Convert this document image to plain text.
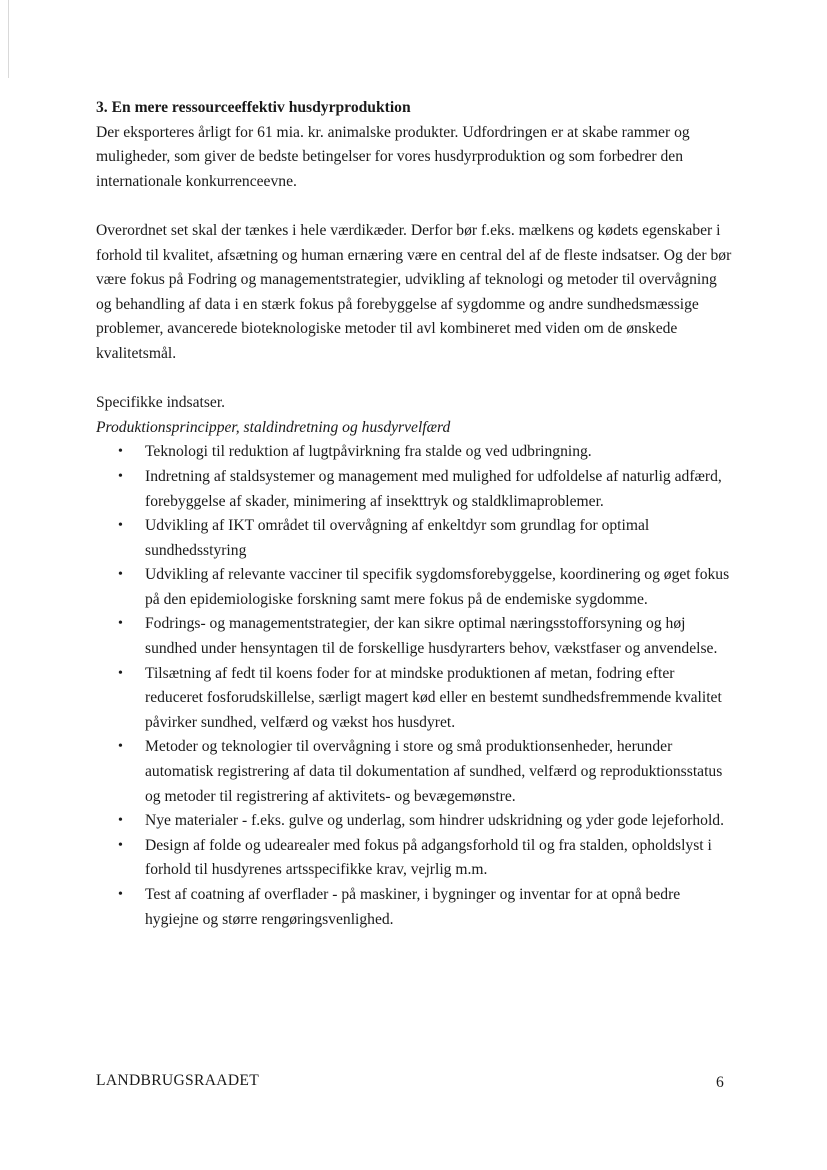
3. En mere ressourceeffektiv husdyrproduktion

Der eksporteres årligt for 61 mia. kr. animalske produkter. Udfordringen er at skabe rammer og muligheder, som giver de bedste betingelser for vores husdyrproduktion og som forbedrer den internationale konkurrenceevne.

Overordnet set skal der tænkes i hele værdikæder. Derfor bør f.eks. mælkens og kødets egenskaber i forhold til kvalitet, afsætning og human ernæring være en central del af de fleste indsatser. Og der bør være fokus på Fodring og managementstrategier, udvikling af teknologi og metoder til overvågning og behandling af data i en stærk fokus på forebyggelse af sygdomme og andre sundhedsmæssige problemer, avancerede bioteknologiske metoder til avl kombineret med viden om de ønskede kvalitetsmål.

Specifikke indsatser.
Produktionsprincipper, staldindretning og husdyrvelfærd
• Teknologi til reduktion af lugtpåvirkning fra stalde og ved udbringning.
• Indretning af staldsystemer og management med mulighed for udfoldelse af naturlig adfærd, forebyggelse af skader, minimering af insekttryk og staldklimaproblemer.
• Udvikling af IKT området til overvågning af enkeltdyr som grundlag for optimal sundhedsstyring
• Udvikling af relevante vacciner til specifik sygdomsforebyggelse, koordinering og øget fokus på den epidemiologiske forskning samt mere fokus på de endemiske sygdomme.
• Fodrings- og managementstrategier, der kan sikre optimal næringsstofforsyning og høj sundhed under hensyntagen til de forskellige husdyrarters behov, vækstfaser og anvendelse.
• Tilsætning af fedt til koens foder for at mindske produktionen af metan, fodring efter reduceret fosforudskillelse, særligt magert kød eller en bestemt sundhedsfremmende kvalitet påvirker sundhed, velfærd og vækst hos husdyret.
• Metoder og teknologier til overvågning i store og små produktionsenheder, herunder automatisk registrering af data til dokumentation af sundhed, velfærd og reproduktionsstatus og metoder til registrering af aktivitets- og bevægemønstre.
• Nye materialer - f.eks. gulve og underlag, som hindrer udskridning og yder gode lejeforhold.
• Design af folde og udearealer med fokus på adgangsforhold til og fra stalden, opholdslyst i forhold til husdyrenes artsspecifikke krav, vejrlig m.m.
• Test af coatning af overflader - på maskiner, i bygninger og inventar for at opnå bedre hygiejne og større rengøringsvenlighed.
LANDBRUGSRAADET	6
